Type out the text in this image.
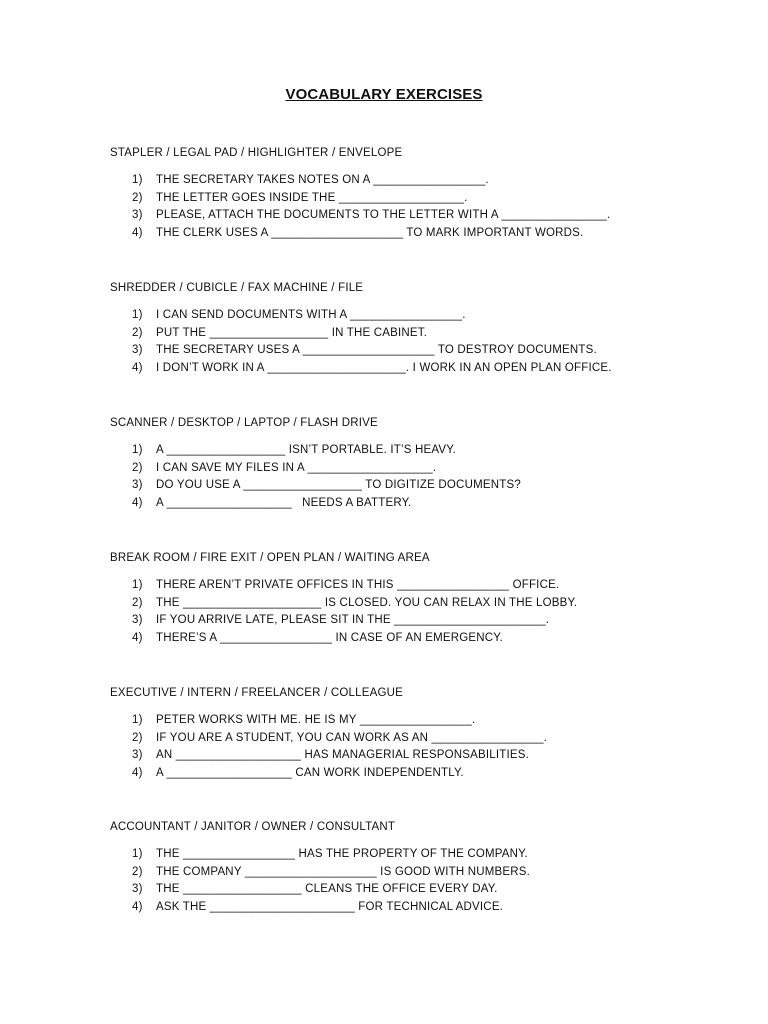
VOCABULARY EXERCISES
STAPLER / LEGAL PAD / HIGHLIGHTER / ENVELOPE
1)	THE SECRETARY TAKES NOTES ON A _________________.
2)	THE LETTER GOES INSIDE THE ___________________.
3)	PLEASE, ATTACH THE DOCUMENTS TO THE LETTER WITH A ________________.
4)	THE CLERK USES A ____________________ TO MARK IMPORTANT WORDS.
SHREDDER / CUBICLE / FAX MACHINE / FILE
1)	I CAN SEND DOCUMENTS WITH A _________________.
2)	PUT THE __________________ IN THE CABINET.
3)	THE SECRETARY USES A ____________________ TO DESTROY DOCUMENTS.
4)	I DON’T WORK IN A _____________________. I WORK IN AN OPEN PLAN OFFICE.
SCANNER / DESKTOP / LAPTOP / FLASH DRIVE
1)	A __________________ ISN’T PORTABLE. IT’S HEAVY.
2)	I CAN SAVE MY FILES IN A ___________________.
3)	DO YOU USE A __________________ TO DIGITIZE DOCUMENTS?
4)	A ___________________   NEEDS A BATTERY.
BREAK ROOM / FIRE EXIT / OPEN PLAN / WAITING AREA
1)	THERE AREN’T PRIVATE OFFICES IN THIS _________________ OFFICE.
2)	THE _____________________ IS CLOSED. YOU CAN RELAX IN THE LOBBY.
3)	IF YOU ARRIVE LATE, PLEASE SIT IN THE _______________________.
4)	THERE’S A _________________ IN CASE OF AN EMERGENCY.
EXECUTIVE / INTERN / FREELANCER / COLLEAGUE
1)	PETER WORKS WITH ME. HE IS MY _________________.
2)	IF YOU ARE A STUDENT, YOU CAN WORK AS AN _________________.
3)	AN ___________________ HAS MANAGERIAL RESPONSABILITIES.
4)	A ___________________ CAN WORK INDEPENDENTLY.
ACCOUNTANT / JANITOR / OWNER / CONSULTANT
1)	THE _________________ HAS THE PROPERTY OF THE COMPANY.
2)	THE COMPANY ____________________ IS GOOD WITH NUMBERS.
3)	THE __________________ CLEANS THE OFFICE EVERY DAY.
4)	ASK THE ______________________ FOR TECHNICAL ADVICE.
